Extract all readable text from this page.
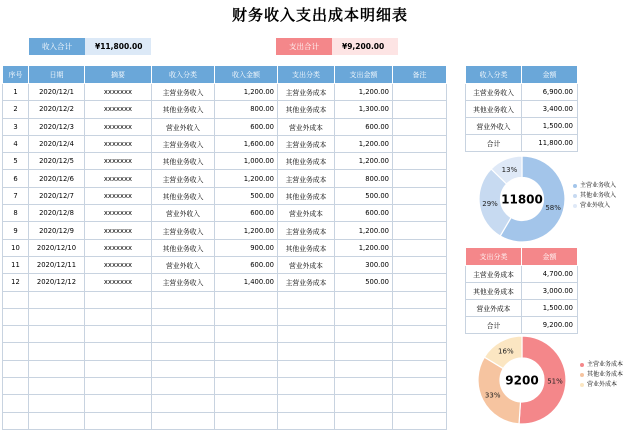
财务收入支出成本明细表
收入合计	¥11,800.00	支出合计	¥9,200.00
序号	日期	摘要	收入分类	收入金额	支出分类	支出金额	备注
1	2020/12/1	xxxxxxx	主营业务收入	1,200.00	主营业务成本	1,200.00	
2	2020/12/2	xxxxxxx	其他业务收入	800.00	其他业务成本	1,300.00	
3	2020/12/3	xxxxxxx	营业外收入	600.00	营业外成本	600.00	
4	2020/12/4	xxxxxxx	主营业务收入	1,600.00	主营业务成本	1,200.00	
5	2020/12/5	xxxxxxx	其他业务收入	1,000.00	其他业务成本	1,200.00	
6	2020/12/6	xxxxxxx	主营业务收入	1,200.00	主营业务成本	800.00	
7	2020/12/7	xxxxxxx	其他业务收入	500.00	其他业务成本	500.00	
8	2020/12/8	xxxxxxx	营业外收入	600.00	营业外成本	600.00	
9	2020/12/9	xxxxxxx	主营业务收入	1,200.00	主营业务成本	1,200.00	
10	2020/12/10	xxxxxxx	其他业务收入	900.00	其他业务成本	1,200.00	
11	2020/12/11	xxxxxxx	营业外收入	600.00	营业外成本	300.00	
12	2020/12/12	xxxxxxx	主营业务收入	1,400.00	主营业务成本	500.00	

收入分类	金额
主营业务收入	6,900.00
其他业务收入	3,400.00
营业外收入	1,500.00
合计	11,800.00
支出分类	金额
主营业务成本	4,700.00
其他业务成本	3,000.00
营业外成本	1,500.00
合计	9,200.00
58%
29%
13%
11800
主营业务收入
其他业务收入
营业外收入
51%
33%
16%
9200
主营业务成本
其他业务成本
营业外成本
